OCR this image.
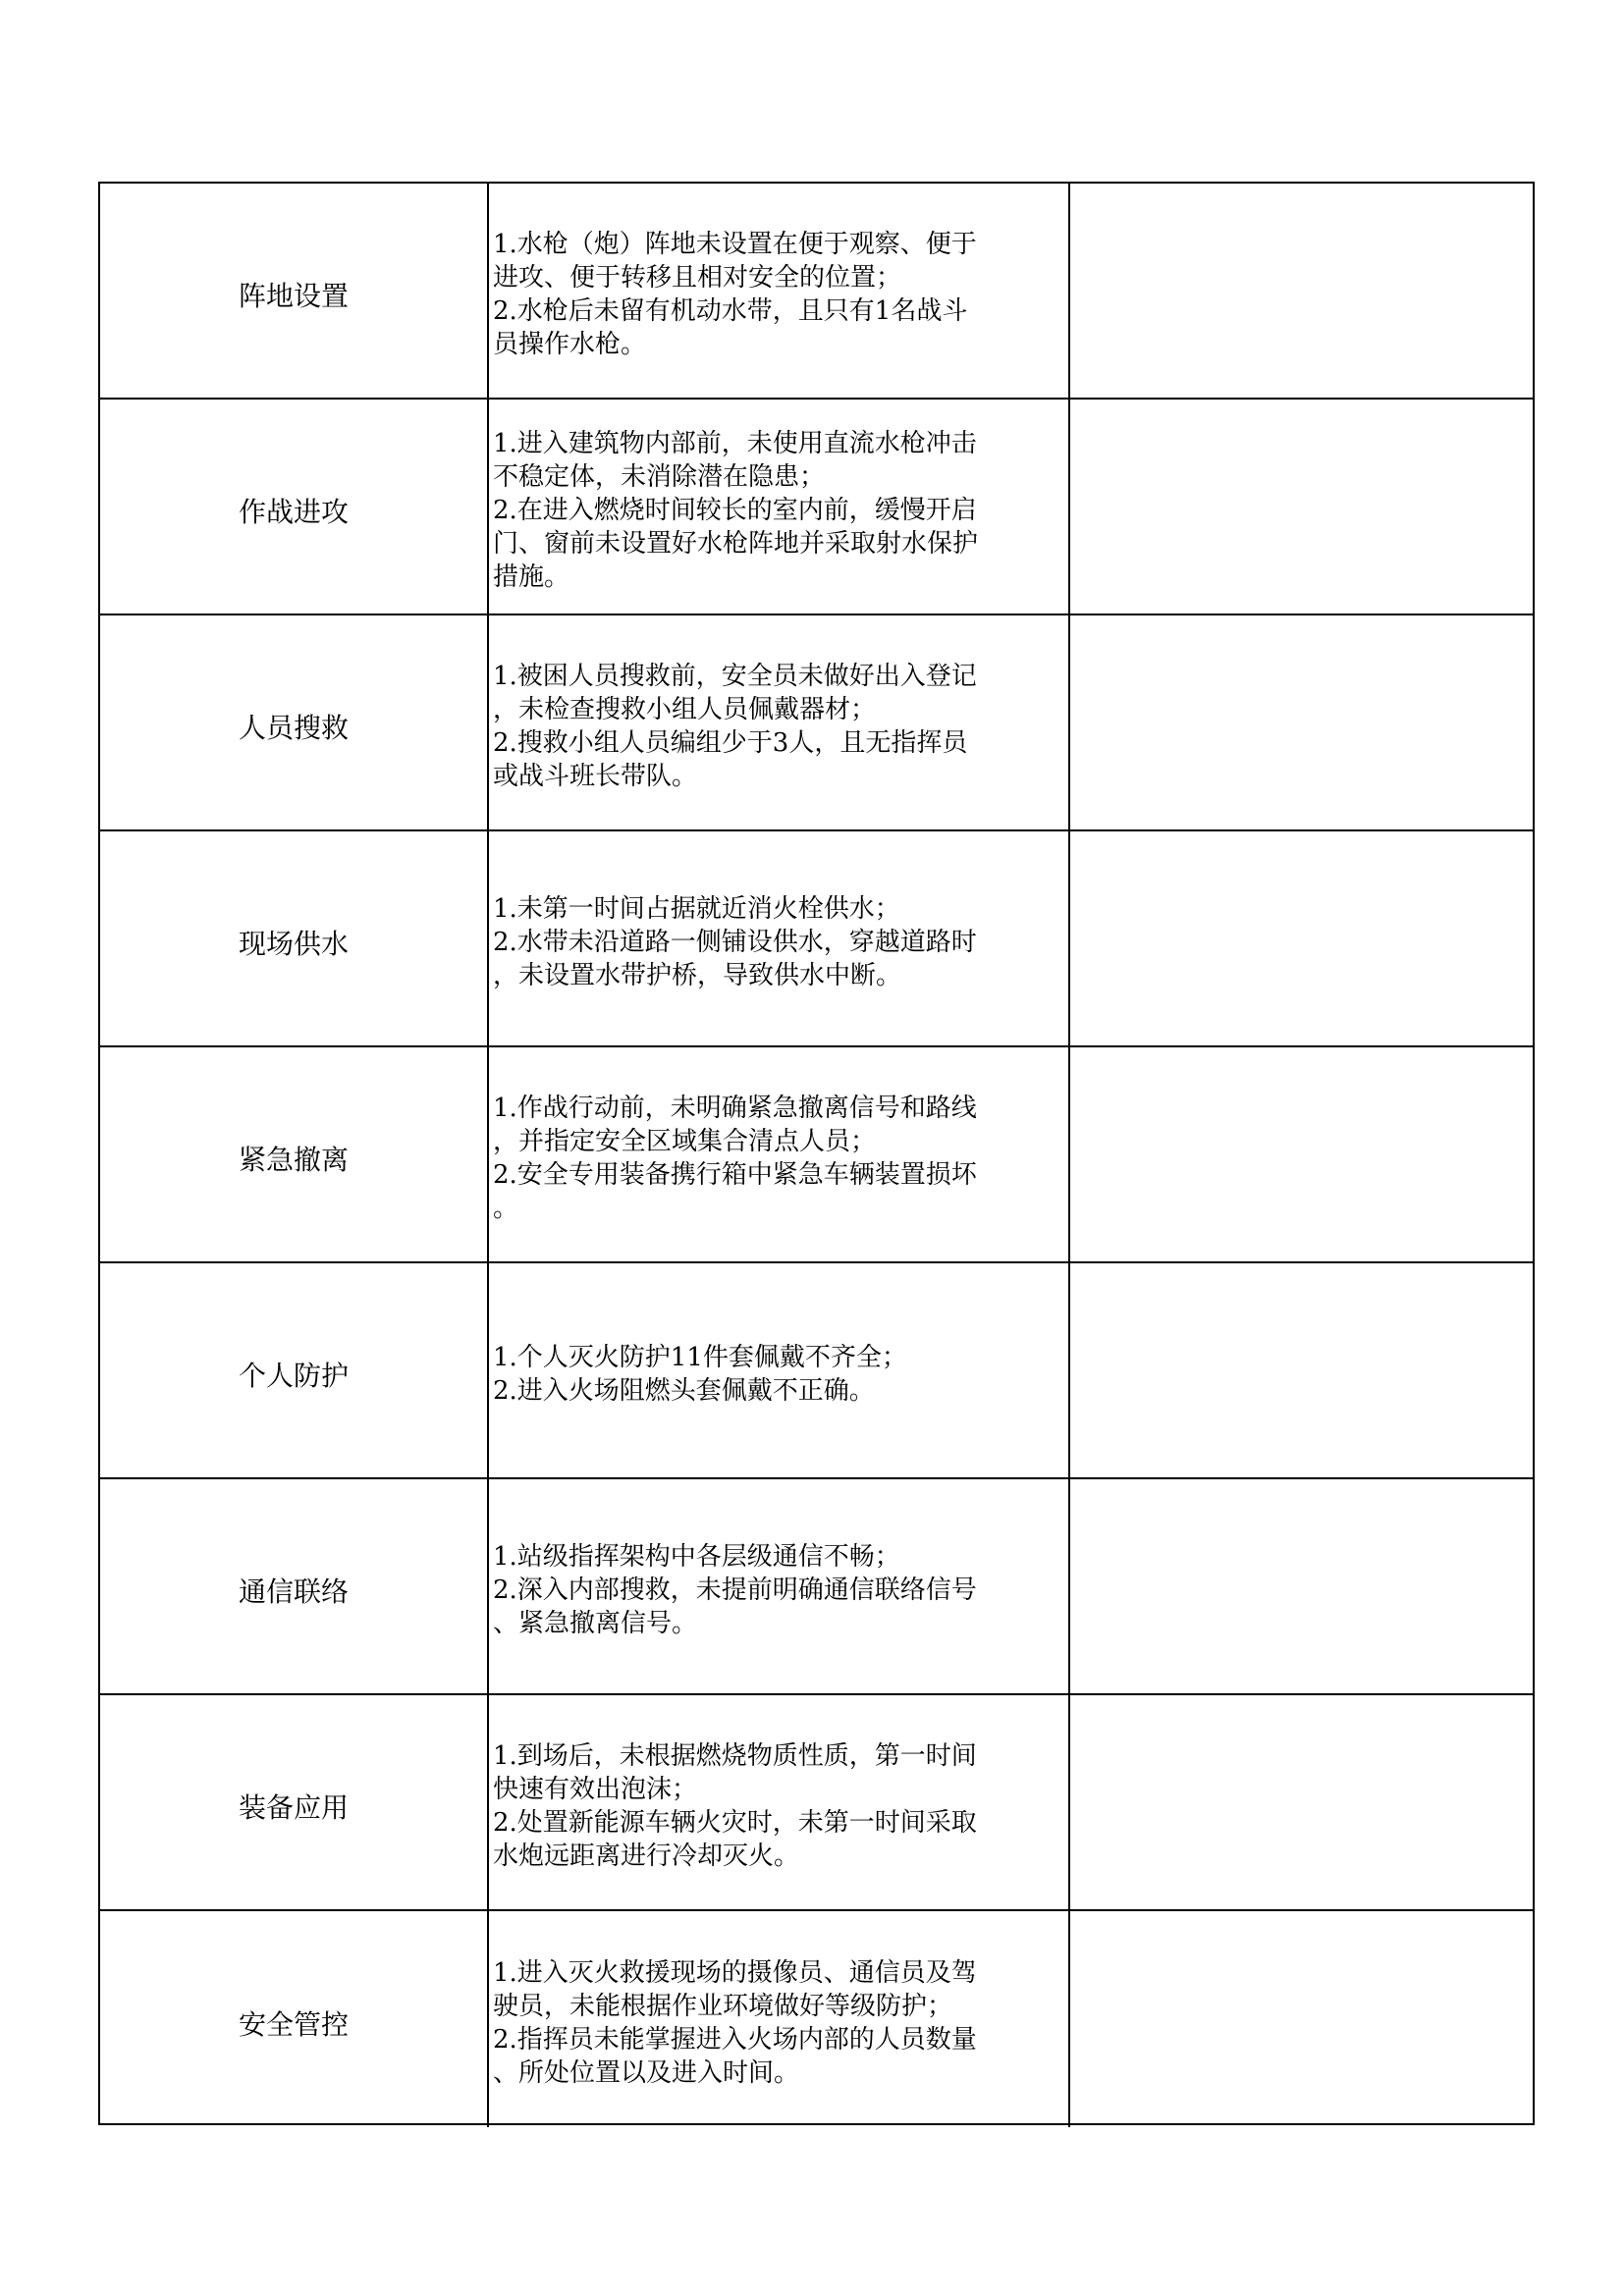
阵地设置

1.水枪（炮）阵地未设置在便于观察、便于
进攻、便于转移且相对安全的位置；
2.水枪后未留有机动水带，且只有1名战斗
员操作水枪。

作战进攻

1.进入建筑物内部前，未使用直流水枪冲击
不稳定体，未消除潜在隐患；
2.在进入燃烧时间较长的室内前，缓慢开启
门、窗前未设置好水枪阵地并采取射水保护
措施。

人员搜救

1.被困人员搜救前，安全员未做好出入登记
，未检查搜救小组人员佩戴器材；
2.搜救小组人员编组少于3人，且无指挥员
或战斗班长带队。

现场供水

1.未第一时间占据就近消火栓供水；
2.水带未沿道路一侧铺设供水，穿越道路时
，未设置水带护桥，导致供水中断。

紧急撤离

1.作战行动前，未明确紧急撤离信号和路线
，并指定安全区域集合清点人员；
2.安全专用装备携行箱中紧急车辆装置损坏
。

个人防护

1.个人灭火防护11件套佩戴不齐全；
2.进入火场阻燃头套佩戴不正确。

通信联络

1.站级指挥架构中各层级通信不畅；
2.深入内部搜救，未提前明确通信联络信号
、紧急撤离信号。

装备应用

1.到场后，未根据燃烧物质性质，第一时间
快速有效出泡沫；
2.处置新能源车辆火灾时，未第一时间采取
水炮远距离进行冷却灭火。

安全管控

1.进入灭火救援现场的摄像员、通信员及驾
驶员，未能根据作业环境做好等级防护；
2.指挥员未能掌握进入火场内部的人员数量
、所处位置以及进入时间。
